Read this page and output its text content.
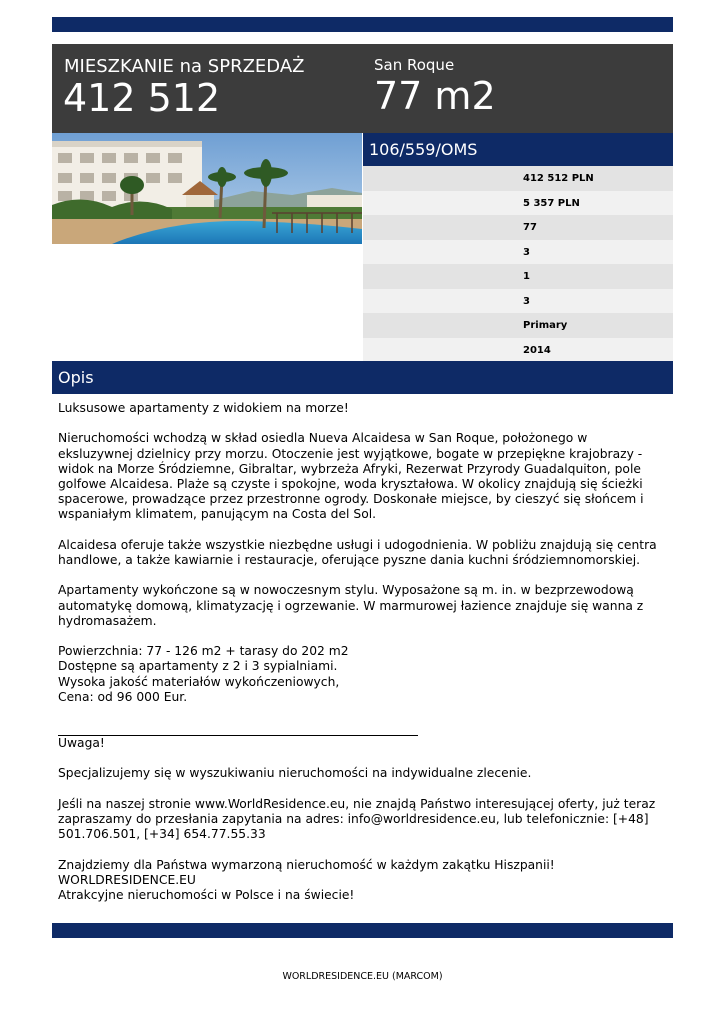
MIESZKANIE na SPRZEDAŻ
412 512
San Roque
77 m2
106/559/OMS
412 512 PLN
5 357 PLN
77
3
1
3
Primary
2014
Opis

Luksusowe apartamenty z widokiem na morze!

Nieruchomości wchodzą w skład osiedla Nueva Alcaidesa w San Roque, położonego w
eksluzywnej dzielnicy przy morzu. Otoczenie jest wyjątkowe, bogate w przepiękne krajobrazy -
widok na Morze Śródziemne, Gibraltar, wybrzeża Afryki, Rezerwat Przyrody Guadalquiton, pole
golfowe Alcaidesa. Plaże są czyste i spokojne, woda kryształowa. W okolicy znajdują się ścieżki
spacerowe, prowadzące przez przestronne ogrody. Doskonałe miejsce, by cieszyć się słońcem i
wspaniałym klimatem, panującym na Costa del Sol.

Alcaidesa oferuje także wszystkie niezbędne usługi i udogodnienia. W pobliżu znajdują się centra
handlowe, a także kawiarnie i restauracje, oferujące pyszne dania kuchni śródziemnomorskiej.

Apartamenty wykończone są w nowoczesnym stylu. Wyposażone są m. in. w bezprzewodową
automatykę domową, klimatyzację i ogrzewanie. W marmurowej łazience znajduje się wanna z
hydromasażem.

Powierzchnia: 77 - 126 m2 + tarasy do 202 m2
Dostępne są apartamenty z 2 i 3 sypialniami.
Wysoka jakość materiałów wykończeniowych,
Cena: od 96 000 Eur.

Uwaga!

Specjalizujemy się w wyszukiwaniu nieruchomości na indywidualne zlecenie.

Jeśli na naszej stronie www.WorldResidence.eu, nie znajdą Państwo interesującej oferty, już teraz
zapraszamy do przesłania zapytania na adres: info@worldresidence.eu, lub telefonicznie: [+48]
501.706.501, [+34] 654.77.55.33

Znajdziemy dla Państwa wymarzoną nieruchomość w każdym zakątku Hiszpanii!
WORLDRESIDENCE.EU
Atrakcyjne nieruchomości w Polsce i na świecie!

WORLDRESIDENCE.EU (MARCOM)
